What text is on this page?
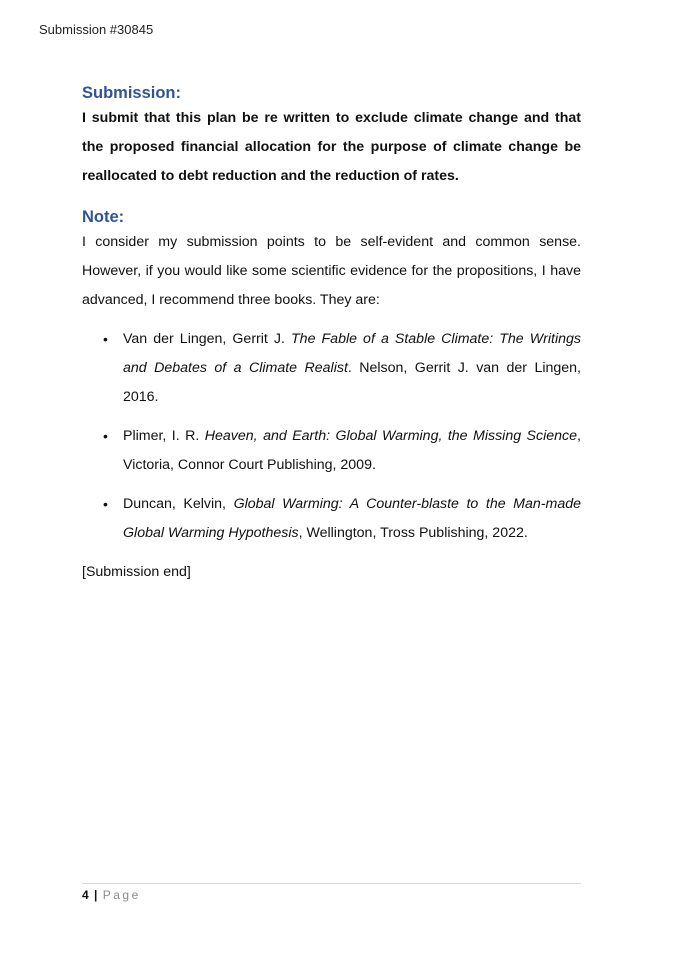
Submission #30845
Submission:

I submit that this plan be re written to exclude climate change and that the proposed financial allocation for the purpose of climate change be reallocated to debt reduction and the reduction of rates.

Note:

I consider my submission points to be self-evident and common sense. However, if you would like some scientific evidence for the propositions, I have advanced, I recommend three books. They are:

• Van der Lingen, Gerrit J. The Fable of a Stable Climate: The Writings and Debates of a Climate Realist. Nelson, Gerrit J. van der Lingen, 2016.
• Plimer, I. R. Heaven, and Earth: Global Warming, the Missing Science, Victoria, Connor Court Publishing, 2009.
• Duncan, Kelvin, Global Warming: A Counter-blaste to the Man-made Global Warming Hypothesis, Wellington, Tross Publishing, 2022.
[Submission end]
4 | Page
